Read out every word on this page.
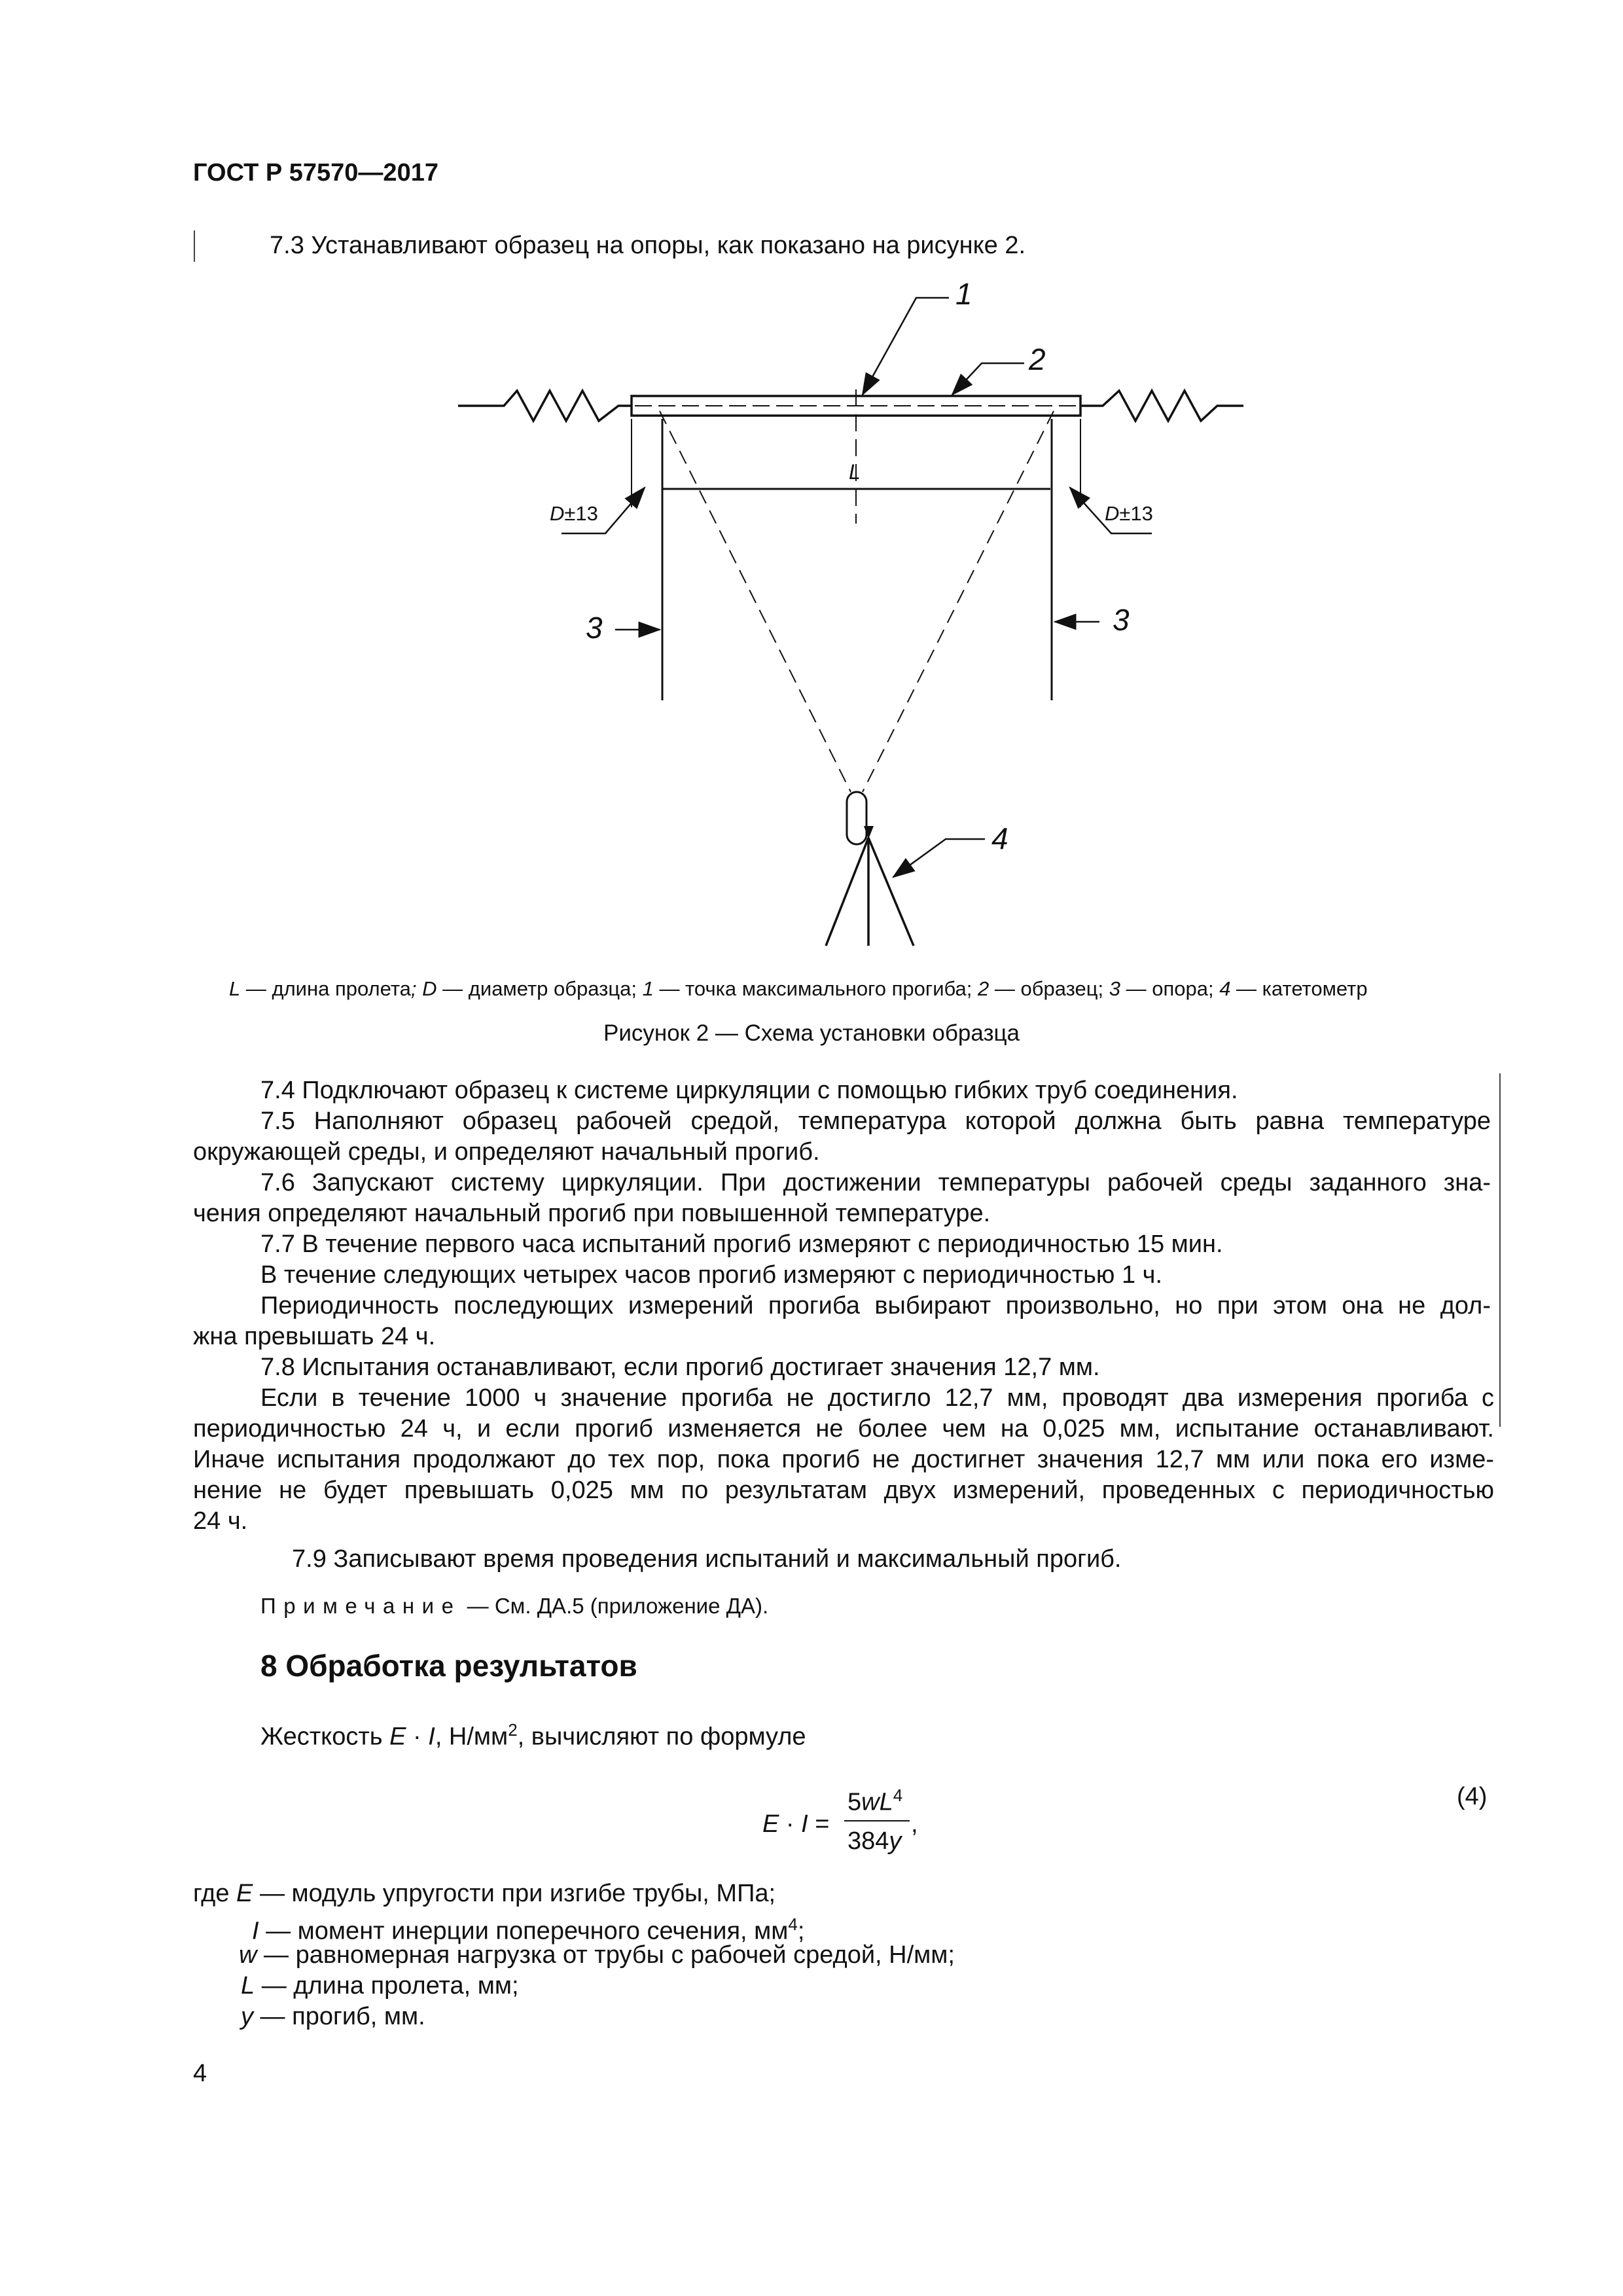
ГОСТ Р 57570—2017
7.3 Устанавливают образец на опоры, как показано на рисунке 2.
L
D±13	D±13
1
2
3	3
4
L — длина пролета; D — диаметр образца; 1 — точка максимального прогиба; 2 — образец; 3 — опора; 4 — катетометр
Рисунок 2 — Схема установки образца
7.4 Подключают образец к системе циркуляции с помощью гибких труб соединения.
7.5 Наполняют образец рабочей средой, температура которой должна быть равна температуре
окружающей среды, и определяют начальный прогиб.
7.6 Запускают систему циркуляции. При достижении температуры рабочей среды заданного зна-
чения определяют начальный прогиб при повышенной температуре.
7.7 В течение первого часа испытаний прогиб измеряют с периодичностью 15 мин.
В течение следующих четырех часов прогиб измеряют с периодичностью 1 ч.
Периодичность последующих измерений прогиба выбирают произвольно, но при этом она не дол-
жна превышать 24 ч.
7.8 Испытания останавливают, если прогиб достигает значения 12,7 мм.
Если в течение 1000 ч значение прогиба не достигло 12,7 мм, проводят два измерения прогиба с
периодичностью 24 ч, и если прогиб изменяется не более чем на 0,025 мм, испытание останавливают.
Иначе испытания продолжают до тех пор, пока прогиб не достигнет значения 12,7 мм или пока его изме-
нение не будет превышать 0,025 мм по результатам двух измерений, проведенных с периодичностью
24 ч.
7.9 Записывают время проведения испытаний и максимальный прогиб.
Примечание — См. ДА.5 (приложение ДА).
8 Обработка результатов
Жесткость E · I, $Н/мм^2$, вычисляют по формуле
E · I =
$5wL^4$
384y
,
(4)
где E — модуль упругости при изгибе трубы, МПа;
I — момент инерции поперечного сечения, $мм^4$;
w — равномерная нагрузка от трубы с рабочей средой, Н/мм;
L — длина пролета, мм;
y — прогиб, мм.
4
